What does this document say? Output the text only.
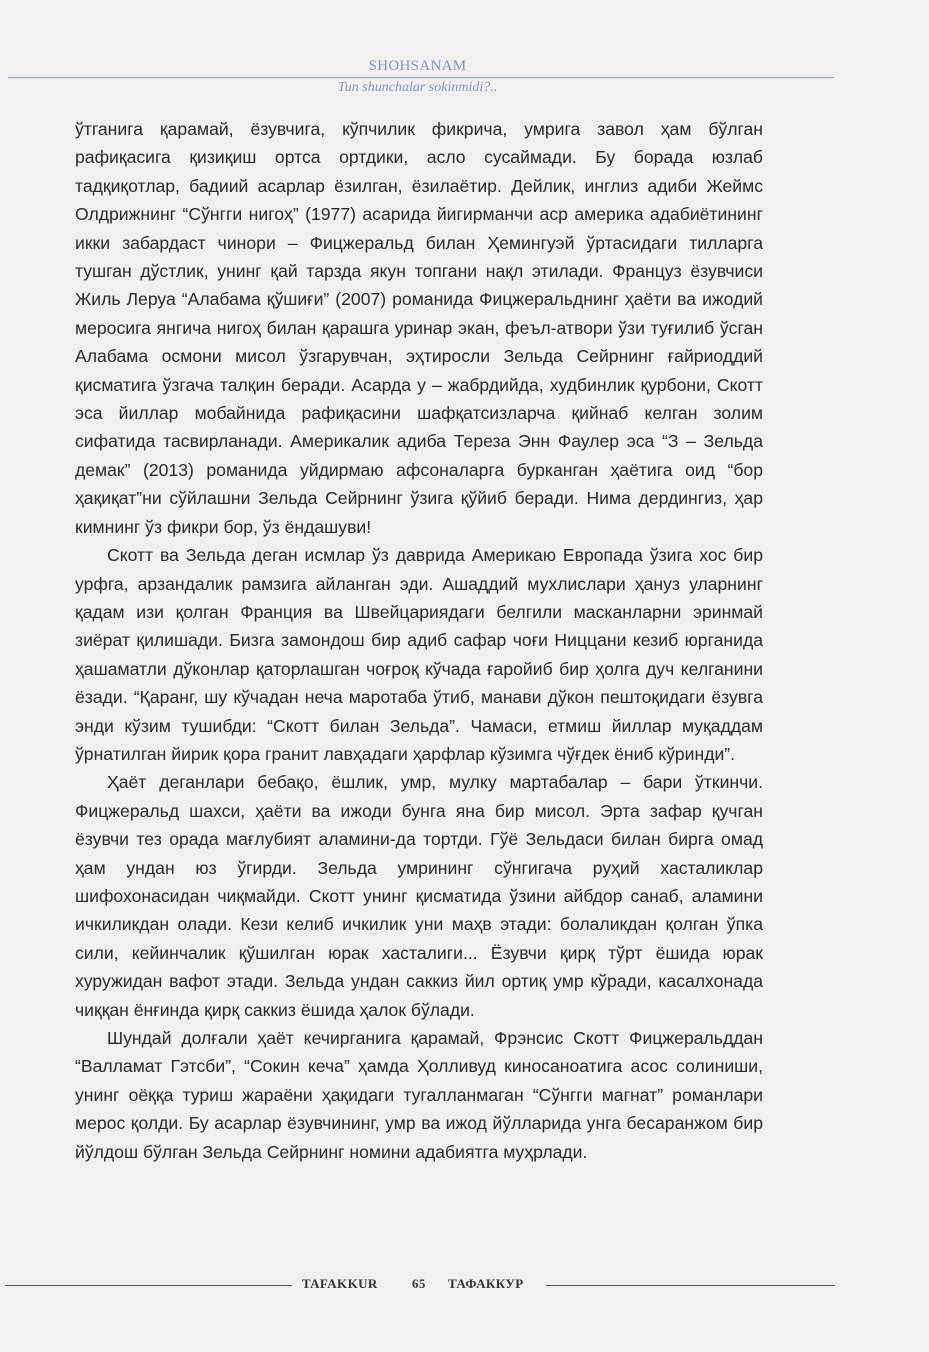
SHOHSANAM
Tun shunchalar sokinmidi?..

ўтганига қарамай, ёзувчига, кўпчилик фикрича, умрига завол ҳам бўлган рафиқасига қизиқиш ортса ортдики, асло сусаймади. Бу борада юзлаб тадқиқотлар, бадиий асарлар ёзилган, ёзилаётир. Дейлик, инглиз адиби Жеймс Олдрижнинг “Сўнгги нигоҳ” (1977) асарида йигирманчи аср америка адабиётининг икки забардаст чинори – Фицжеральд билан Ҳемингуэй ўртасидаги тилларга тушган дўстлик, унинг қай тарзда якун топгани нақл этилади. Француз ёзувчиси Жиль Леруа “Алабама қўшиғи” (2007) романида Фицжеральднинг ҳаёти ва ижодий меросига янгича нигоҳ билан қарашга уринар экан, феъл-атвори ўзи туғилиб ўсган Алабама осмони мисол ўзгарувчан, эҳтиросли Зельда Сейрнинг ғайриоддий қисматига ўзгача талқин беради. Асарда у – жабрдийда, худбинлик қурбони, Скотт эса йиллар мобайнида рафиқасини шафқатсизларча қийнаб келган золим сифатида тасвирланади. Америкалик адиба Тереза Энн Фаулер эса “З – Зельда демак” (2013) романида уйдирмаю афсоналарга бурканган ҳаётига оид “бор ҳақиқат”ни сўйлашни Зельда Сейрнинг ўзига қўйиб беради. Нима дердингиз, ҳар кимнинг ўз фикри бор, ўз ёндашуви!

Скотт ва Зельда деган исмлар ўз даврида Америкаю Европада ўзига хос бир урфга, арзандалик рамзига айланган эди. Ашаддий мухлислари ҳануз уларнинг қадам изи қолган Франция ва Швейцариядаги белгили масканларни эринмай зиёрат қилишади. Бизга замондош бир адиб сафар чоғи Ниццани кезиб юрганида ҳашаматли дўконлар қаторлашган чоғроқ кўчада ғаройиб бир ҳолга дуч келганини ёзади. “Қаранг, шу кўчадан неча маротаба ўтиб, манави дўкон пештоқидаги ёзувга энди кўзим тушибди: “Скотт билан Зельда”. Чамаси, етмиш йиллар муқаддам ўрнатилган йирик қора гранит лавҳадаги ҳарфлар кўзимга чўғдек ёниб кўринди”.

Ҳаёт деганлари бебақо, ёшлик, умр, мулку мартабалар – бари ўткинчи. Фицжеральд шахси, ҳаёти ва ижоди бунга яна бир мисол. Эрта зафар қучган ёзувчи тез орада мағлубият аламини-да тортди. Гўё Зельдаси билан бирга омад ҳам ундан юз ўгирди. Зельда умрининг сўнгигача руҳий хасталиклар шифохонасидан чиқмайди. Скотт унинг қисматида ўзини айбдор санаб, аламини ичкиликдан олади. Кези келиб ичкилик уни маҳв этади: болаликдан қолган ўпка сили, кейинчалик қўшилган юрак хасталиги... Ёзувчи қирқ тўрт ёшида юрак хуружидан вафот этади. Зельда ундан саккиз йил ортиқ умр кўради, касалхонада чиққан ёнғинда қирқ саккиз ёшида ҳалок бўлади.

Шундай долғали ҳаёт кечирганига қарамай, Фрэнсис Скотт Фицжеральддан “Валламат Гэтсби”, “Сокин кеча” ҳамда Ҳолливуд киносаноатига асос солиниши, унинг оёққа туриш жараёни ҳақидаги тугалланмаган “Сўнгги магнат” романлари мерос қолди. Бу асарлар ёзувчининг, умр ва ижод йўлларида унга бесаранжом бир йўлдош бўлган Зельда Сейрнинг номини адабиятга муҳрлади.

TAFAKKUR	65 ТАФАККУР
